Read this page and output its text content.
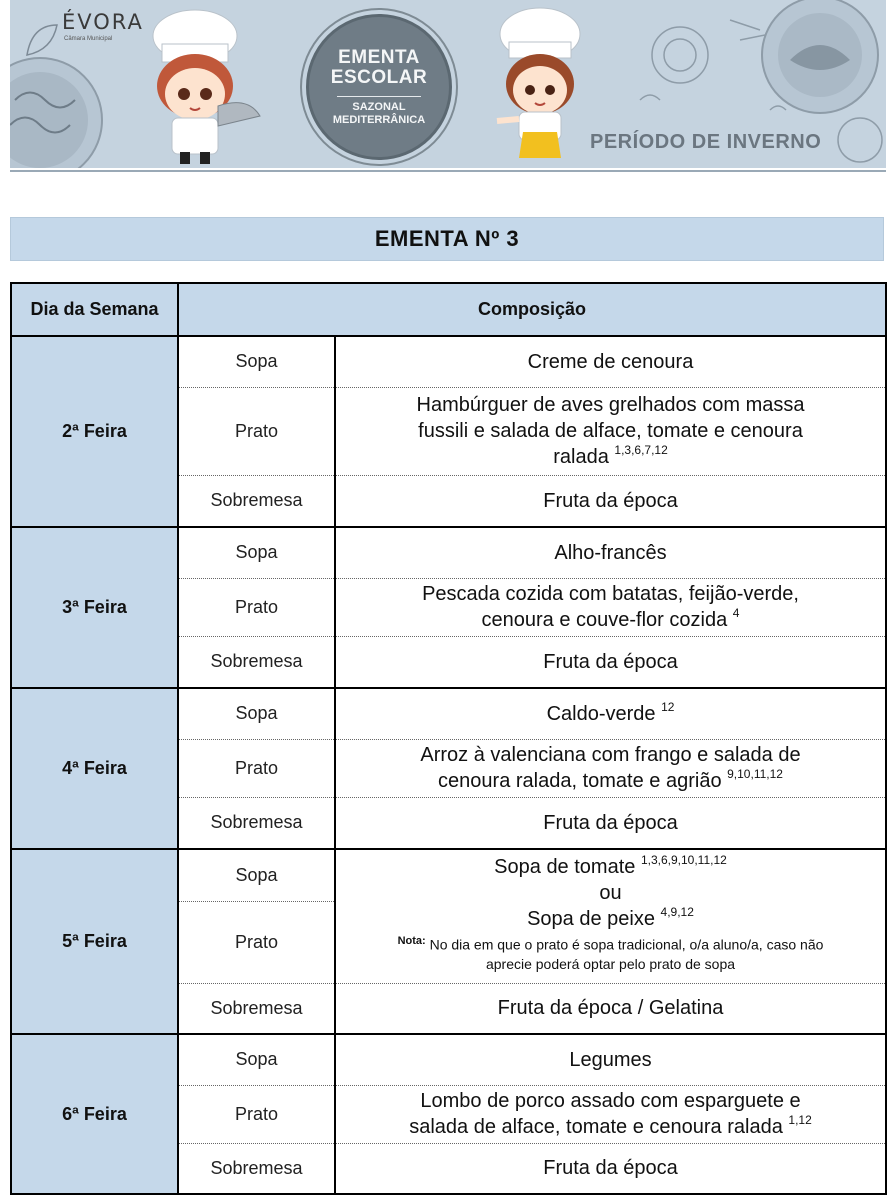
ÉVORA
Câmara Municipal
EMENTA
ESCOLAR
SAZONAL
MEDITERRÂNICA
PERÍODO DE INVERNO
EMENTA Nº 3
Dia da Semana	Composição	
2ª Feira	Sopa	Creme de cenoura
	Prato	Hambúrguer de aves grelhados com massa
fussili e salada de alface, tomate e cenoura
ralada $^{1,3,6,7,12}$
	Sobremesa	Fruta da época
3ª Feira	Sopa	Alho-francês
	Prato	Pescada cozida com batatas, feijão-verde,
cenoura e couve-flor cozida $^4$
	Sobremesa	Fruta da época
4ª Feira	Sopa	Caldo-verde $^{12}$
	Prato	Arroz à valenciana com frango e salada de
cenoura ralada, tomate e agrião $^{9,10,11,12}$
	Sobremesa	Fruta da época
5ª Feira	Sopa	Sopa de tomate $^{1,3,6,9,10,11,12}$
ou
Sopa de peixe $^{4,9,12}$
$^{Nota:}$ No dia em que o prato é sopa tradicional, o/a aluno/a, caso não
aprecie poderá optar pelo prato de sopa

	Prato	
	Sobremesa	Fruta da época / Gelatina
6ª Feira	Sopa	Legumes
	Prato	Lombo de porco assado com esparguete e
salada de alface, tomate e cenoura ralada $^{1,12}$
	Sobremesa	Fruta da época
